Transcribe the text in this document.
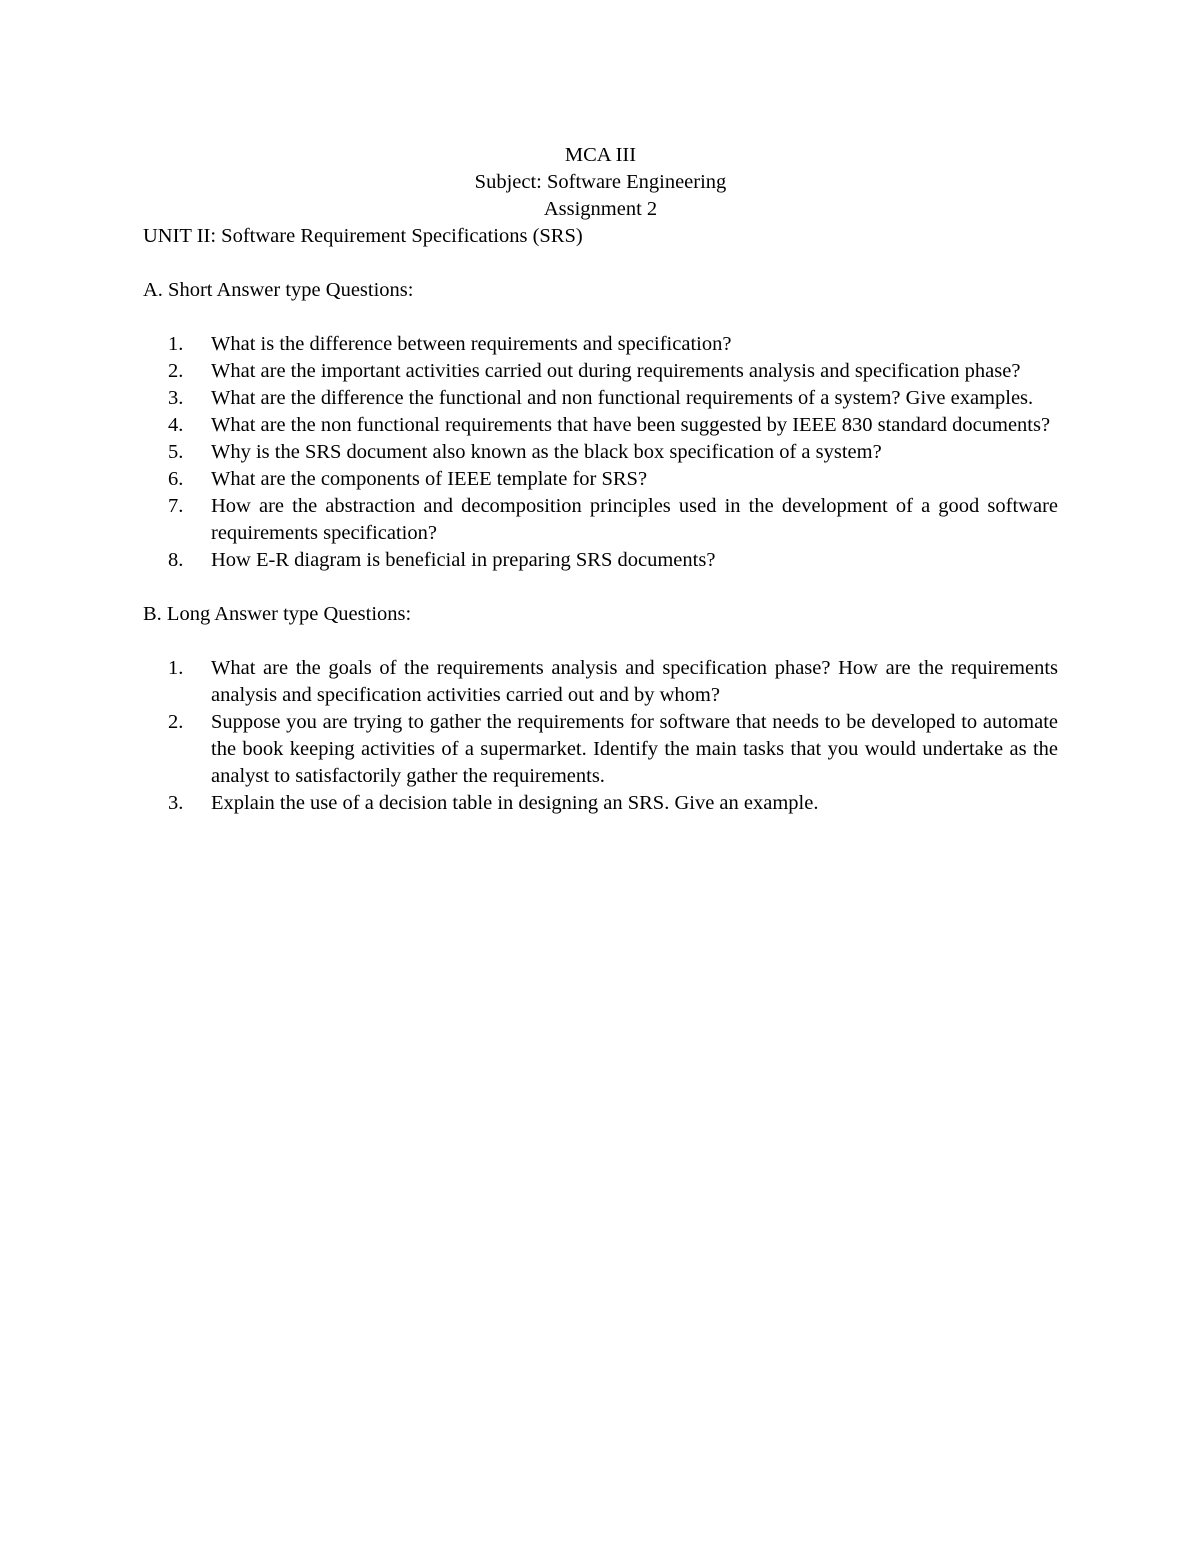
MCA III

Subject: Software Engineering

Assignment 2

UNIT II: Software Requirement Specifications (SRS)

A. Short Answer type Questions:

1.	What is the difference between requirements and specification?
2.	What are the important activities carried out during requirements analysis and specification phase?
3.	What are the difference the functional and non functional requirements of a system? Give examples.
4.	What are the non functional requirements that have been suggested by IEEE 830 standard documents?
5.	Why is the SRS document also known as the black box specification of a system?
6.	What are the components of IEEE template for SRS?
7.	How are the abstraction and decomposition principles used in the development of a good software requirements specification?
8.	How E-R diagram is beneficial in preparing SRS documents?

B. Long Answer type Questions:

1.	What are the goals of the requirements analysis and specification phase? How are the requirements analysis and specification activities carried out and by whom?
2.	Suppose you are trying to gather the requirements for software that needs to be developed to automate the book keeping activities of a supermarket. Identify the main tasks that you would undertake as the analyst to satisfactorily gather the requirements.
3.	Explain the use of a decision table in designing an SRS. Give an example.
